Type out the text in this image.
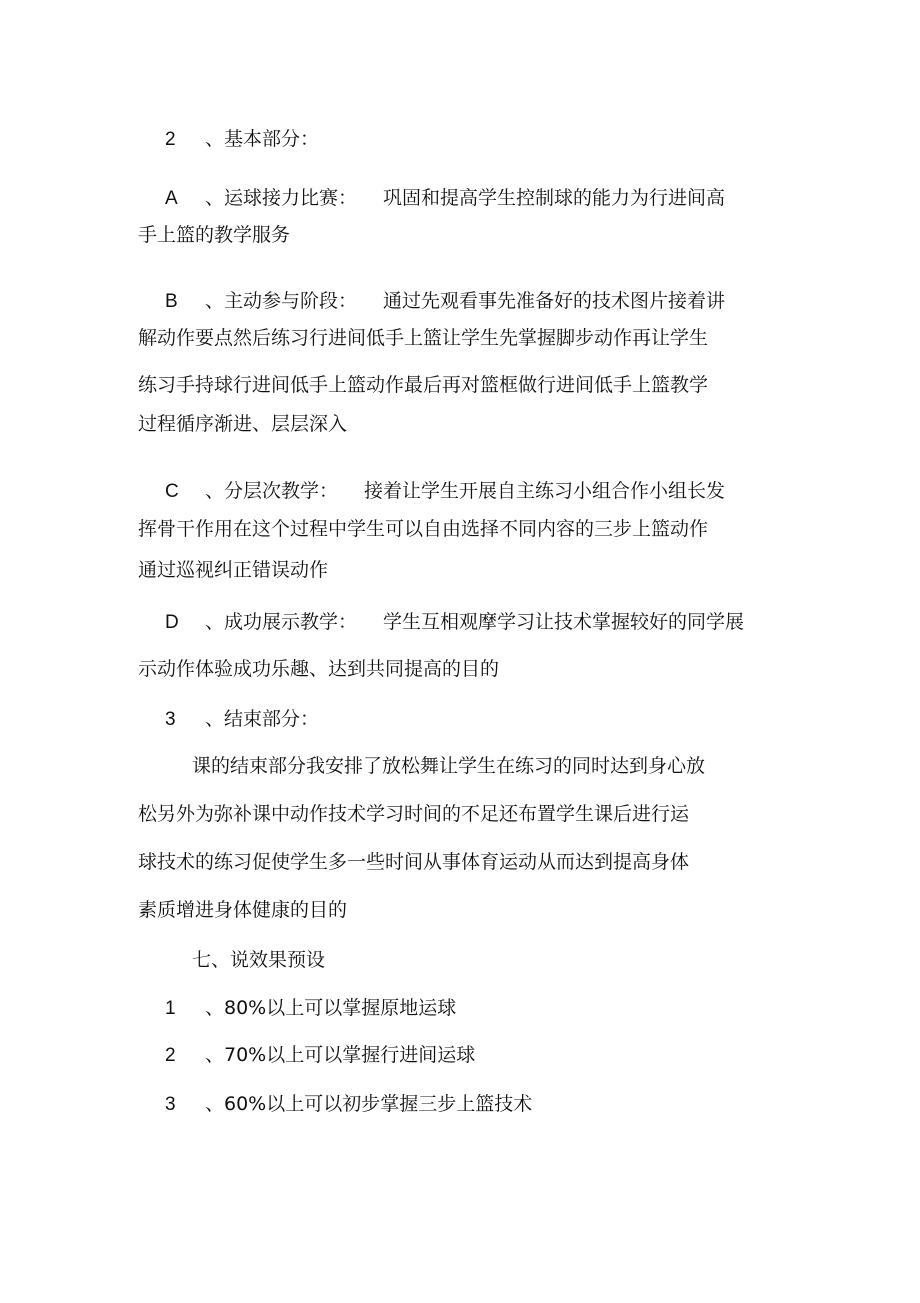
2	、基本部分：
A	、运球接力比赛： 巩固和提高学生控制球的能力为行进间高
手上篮的教学服务
B	、主动参与阶段： 通过先观看事先准备好的技术图片接着讲
解动作要点然后练习行进间低手上篮让学生先掌握脚步动作再让学生
练习手持球行进间低手上篮动作最后再对篮框做行进间低手上篮教学
过程循序渐进、层层深入
C	、分层次教学： 接着让学生开展自主练习小组合作小组长发
挥骨干作用在这个过程中学生可以自由选择不同内容的三步上篮动作
通过巡视纠正错误动作
D	、成功展示教学： 学生互相观摩学习让技术掌握较好的同学展
示动作体验成功乐趣、达到共同提高的目的
3	、结束部分：
课的结束部分我安排了放松舞让学生在练习的同时达到身心放
松另外为弥补课中动作技术学习时间的不足还布置学生课后进行运
球技术的练习促使学生多一些时间从事体育运动从而达到提高身体
素质增进身体健康的目的
七、说效果预设
1	、80%以上可以掌握原地运球
2	、70%以上可以掌握行进间运球
3	、60%以上可以初步掌握三步上篮技术
